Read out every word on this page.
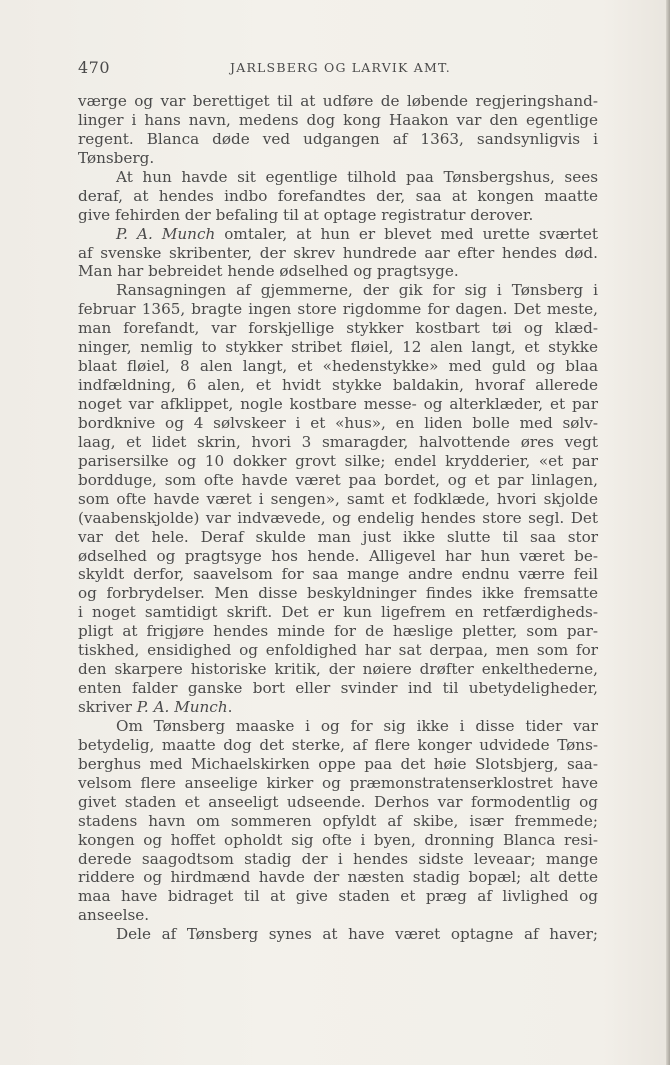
470	JARLSBERG OG LARVIK AMT.
værge og var berettiget til at udføre de løbende regjeringshand-
linger i hans navn, medens dog kong Haakon var den egentlige
regent. Blanca døde ved udgangen af 1363, sandsynligvis i
Tønsberg.
At hun havde sit egentlige tilhold paa Tønsbergshus, sees
deraf, at hendes indbo forefandtes der, saa at kongen maatte
give fehirden der befaling til at optage registratur derover.
P. A. Munch omtaler, at hun er blevet med urette sværtet
af svenske skribenter, der skrev hundrede aar efter hendes død.
Man har bebreidet hende ødselhed og pragtsyge.
Ransagningen af gjemmerne, der gik for sig i Tønsberg i
februar 1365, bragte ingen store rigdomme for dagen. Det meste,
man forefandt, var forskjellige stykker kostbart tøi og klæd-
ninger, nemlig to stykker stribet fløiel, 12 alen langt, et stykke
blaat fløiel, 8 alen langt, et «hedenstykke» med guld og blaa
indfældning, 6 alen, et hvidt stykke baldakin, hvoraf allerede
noget var afklippet, nogle kostbare messe- og alterklæder, et par
bordknive og 4 sølvskeer i et «hus», en liden bolle med sølv-
laag, et lidet skrin, hvori 3 smaragder, halvottende øres vegt
parisersilke og 10 dokker grovt silke; endel krydderier, «et par
bordduge, som ofte havde været paa bordet, og et par linlagen,
som ofte havde været i sengen», samt et fodklæde, hvori skjolde
(vaabenskjolde) var indvævede, og endelig hendes store segl. Det
var det hele. Deraf skulde man just ikke slutte til saa stor
ødselhed og pragtsyge hos hende. Alligevel har hun været be-
skyldt derfor, saavelsom for saa mange andre endnu værre feil
og forbrydelser. Men disse beskyldninger findes ikke fremsatte
i noget samtidigt skrift. Det er kun ligefrem en retfærdigheds-
pligt at frigjøre hendes minde for de hæslige pletter, som par-
tiskhed, ensidighed og enfoldighed har sat derpaa, men som for
den skarpere historiske kritik, der nøiere drøfter enkelthederne,
enten falder ganske bort eller svinder ind til ubetydeligheder,
skriver P. A. Munch.
Om Tønsberg maaske i og for sig ikke i disse tider var
betydelig, maatte dog det sterke, af flere konger udvidede Tøns-
berghus med Michaelskirken oppe paa det høie Slotsbjerg, saa-
velsom flere anseelige kirker og præmonstratenserklostret have
givet staden et anseeligt udseende. Derhos var formodentlig og
stadens havn om sommeren opfyldt af skibe, især fremmede;
kongen og hoffet opholdt sig ofte i byen, dronning Blanca resi-
derede saagodtsom stadig der i hendes sidste leveaar; mange
riddere og hirdmænd havde der næsten stadig bopæl; alt dette
maa have bidraget til at give staden et præg af livlighed og
anseelse.
Dele af Tønsberg synes at have været optagne af haver;
